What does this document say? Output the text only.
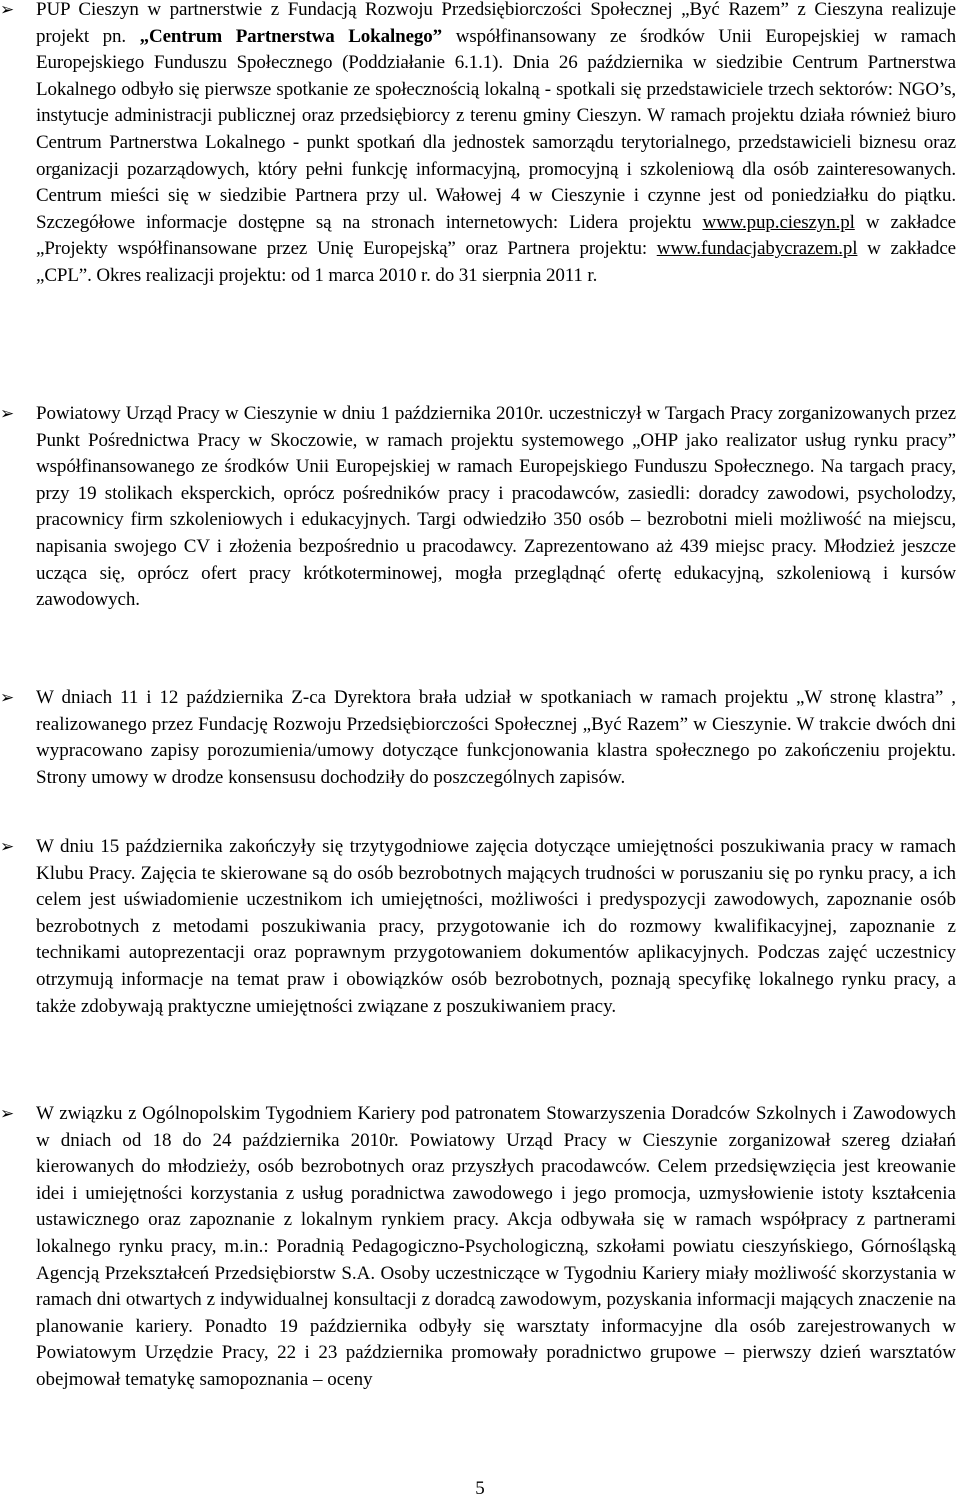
➢	PUP Cieszyn w partnerstwie z Fundacją Rozwoju Przedsiębiorczości Społecznej „Być Razem” z Cieszyna realizuje projekt pn. „Centrum Partnerstwa Lokalnego” współfinansowany ze środków Unii Europejskiej w ramach Europejskiego Funduszu Społecznego (Poddziałanie 6.1.1). Dnia 26 października w siedzibie Centrum Partnerstwa Lokalnego odbyło się pierwsze spotkanie ze społecznością lokalną - spotkali się przedstawiciele trzech sektorów: NGO’s, instytucje administracji publicznej oraz przedsiębiorcy z terenu gminy Cieszyn. W ramach projektu działa również biuro Centrum Partnerstwa Lokalnego - punkt spotkań dla jednostek samorządu terytorialnego, przedstawicieli biznesu oraz organizacji pozarządowych, który pełni funkcję informacyjną, promocyjną i szkoleniową dla osób zainteresowanych. Centrum mieści się w siedzibie Partnera przy ul. Wałowej 4 w Cieszynie i czynne jest od poniedziałku do piątku. Szczegółowe informacje dostępne są na stronach internetowych: Lidera projektu www.pup.cieszyn.pl w zakładce „Projekty współfinansowane przez Unię Europejską” oraz Partnera projektu: www.fundacjabycrazem.pl w zakładce „CPL”. Okres realizacji projektu: od 1 marca 2010 r. do 31 sierpnia 2011 r.
➢	Powiatowy Urząd Pracy w Cieszynie w dniu 1 października 2010r. uczestniczył w Targach Pracy zorganizowanych przez Punkt Pośrednictwa Pracy w Skoczowie, w ramach projektu systemowego „OHP jako realizator usług rynku pracy” współfinansowanego ze środków Unii Europejskiej w ramach Europejskiego Funduszu Społecznego. Na targach pracy, przy 19 stolikach eksperckich, oprócz pośredników pracy i pracodawców, zasiedli: doradcy zawodowi, psycholodzy, pracownicy firm szkoleniowych i edukacyjnych. Targi odwiedziło 350 osób – bezrobotni mieli możliwość na miejscu, napisania swojego CV i złożenia bezpośrednio u pracodawcy. Zaprezentowano aż 439 miejsc pracy. Młodzież jeszcze ucząca się, oprócz ofert pracy krótkoterminowej, mogła przeglądnąć ofertę edukacyjną, szkoleniową i kursów zawodowych.
➢	W dniach 11 i 12 października Z-ca Dyrektora brała udział w spotkaniach w ramach projektu „W stronę klastra” , realizowanego przez Fundację Rozwoju Przedsiębiorczości Społecznej „Być Razem” w Cieszynie. W trakcie dwóch dni wypracowano zapisy porozumienia/umowy dotyczące funkcjonowania klastra społecznego po zakończeniu projektu. Strony umowy w drodze konsensusu dochodziły do poszczególnych zapisów.
➢	W dniu 15 października zakończyły się trzytygodniowe zajęcia dotyczące umiejętności poszukiwania pracy w ramach Klubu Pracy. Zajęcia te skierowane są do osób bezrobotnych mających trudności w poruszaniu się po rynku pracy, a ich celem jest uświadomienie uczestnikom ich umiejętności, możliwości i predyspozycji zawodowych, zapoznanie osób bezrobotnych z metodami poszukiwania pracy, przygotowanie ich do rozmowy kwalifikacyjnej, zapoznanie z technikami autoprezentacji oraz poprawnym przygotowaniem dokumentów aplikacyjnych. Podczas zajęć uczestnicy otrzymują informacje na temat praw i obowiązków osób bezrobotnych, poznają specyfikę lokalnego rynku pracy, a także zdobywają praktyczne umiejętności związane z poszukiwaniem pracy.
➢	W związku z Ogólnopolskim Tygodniem Kariery pod patronatem Stowarzyszenia Doradców Szkolnych i Zawodowych w dniach od 18 do 24 października 2010r. Powiatowy Urząd Pracy w Cieszynie zorganizował szereg działań kierowanych do młodzieży, osób bezrobotnych oraz przyszłych pracodawców. Celem przedsięwzięcia jest kreowanie idei i umiejętności korzystania z usług poradnictwa zawodowego i jego promocja, uzmysłowienie istoty kształcenia ustawicznego oraz zapoznanie z lokalnym rynkiem pracy. Akcja odbywała się w ramach współpracy z partnerami lokalnego rynku pracy, m.in.: Poradnią Pedagogiczno-Psychologiczną, szkołami powiatu cieszyńskiego, Górnośląską Agencją Przekształceń Przedsiębiorstw S.A. Osoby uczestniczące w Tygodniu Kariery miały możliwość skorzystania w ramach dni otwartych z indywidualnej konsultacji z doradcą zawodowym, pozyskania informacji mających znaczenie na planowanie kariery. Ponadto 19 października odbyły się warsztaty informacyjne dla osób zarejestrowanych w Powiatowym Urzędzie Pracy, 22 i 23 października promowały poradnictwo grupowe – pierwszy dzień warsztatów obejmował tematykę samopoznania – oceny
5
